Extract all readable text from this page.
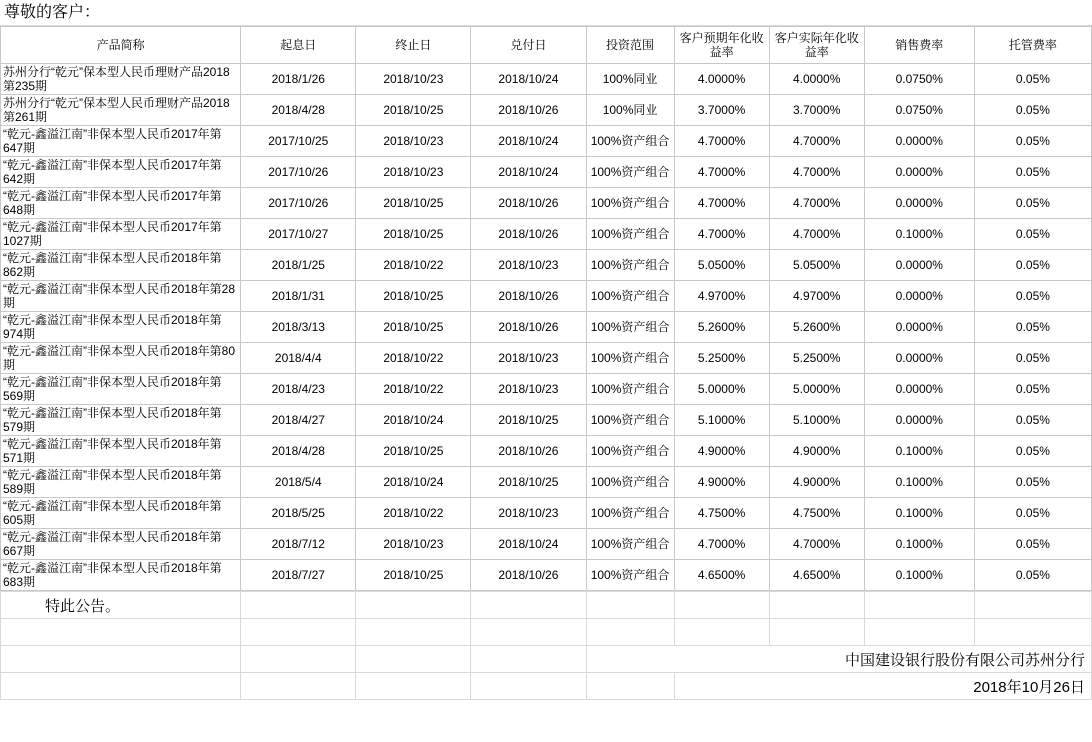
尊敬的客户：
产品简称	起息日	终止日	兑付日	投资范围	客户预期年化收益率	客户实际年化收益率	销售费率	托管费率
苏州分行“乾元”保本型人民币理财产品2018第235期	2018/1/26	2018/10/23	2018/10/24	100%同业	4.0000%	4.0000%	0.0750%	0.05%
苏州分行“乾元”保本型人民币理财产品2018第261期	2018/4/28	2018/10/25	2018/10/26	100%同业	3.7000%	3.7000%	0.0750%	0.05%
“乾元-鑫溢江南”非保本型人民币2017年第647期	2017/10/25	2018/10/23	2018/10/24	100%资产组合	4.7000%	4.7000%	0.0000%	0.05%
“乾元-鑫溢江南”非保本型人民币2017年第642期	2017/10/26	2018/10/23	2018/10/24	100%资产组合	4.7000%	4.7000%	0.0000%	0.05%
“乾元-鑫溢江南”非保本型人民币2017年第648期	2017/10/26	2018/10/25	2018/10/26	100%资产组合	4.7000%	4.7000%	0.0000%	0.05%
“乾元-鑫溢江南”非保本型人民币2017年第1027期	2017/10/27	2018/10/25	2018/10/26	100%资产组合	4.7000%	4.7000%	0.1000%	0.05%
“乾元-鑫溢江南”非保本型人民币2018年第862期	2018/1/25	2018/10/22	2018/10/23	100%资产组合	5.0500%	5.0500%	0.0000%	0.05%
“乾元-鑫溢江南”非保本型人民币2018年第28期	2018/1/31	2018/10/25	2018/10/26	100%资产组合	4.9700%	4.9700%	0.0000%	0.05%
“乾元-鑫溢江南”非保本型人民币2018年第974期	2018/3/13	2018/10/25	2018/10/26	100%资产组合	5.2600%	5.2600%	0.0000%	0.05%
“乾元-鑫溢江南”非保本型人民币2018年第80期	2018/4/4	2018/10/22	2018/10/23	100%资产组合	5.2500%	5.2500%	0.0000%	0.05%
“乾元-鑫溢江南”非保本型人民币2018年第569期	2018/4/23	2018/10/22	2018/10/23	100%资产组合	5.0000%	5.0000%	0.0000%	0.05%
“乾元-鑫溢江南”非保本型人民币2018年第579期	2018/4/27	2018/10/24	2018/10/25	100%资产组合	5.1000%	5.1000%	0.0000%	0.05%
“乾元-鑫溢江南”非保本型人民币2018年第571期	2018/4/28	2018/10/25	2018/10/26	100%资产组合	4.9000%	4.9000%	0.1000%	0.05%
“乾元-鑫溢江南”非保本型人民币2018年第589期	2018/5/4	2018/10/24	2018/10/25	100%资产组合	4.9000%	4.9000%	0.1000%	0.05%
“乾元-鑫溢江南”非保本型人民币2018年第605期	2018/5/25	2018/10/22	2018/10/23	100%资产组合	4.7500%	4.7500%	0.1000%	0.05%
“乾元-鑫溢江南”非保本型人民币2018年第667期	2018/7/12	2018/10/23	2018/10/24	100%资产组合	4.7000%	4.7000%	0.1000%	0.05%
“乾元-鑫溢江南”非保本型人民币2018年第683期	2018/7/27	2018/10/25	2018/10/26	100%资产组合	4.6500%	4.6500%	0.1000%	0.05%
特此公告。								

				中国建设银行股份有限公司苏州分行				
					2018年10月26日			
